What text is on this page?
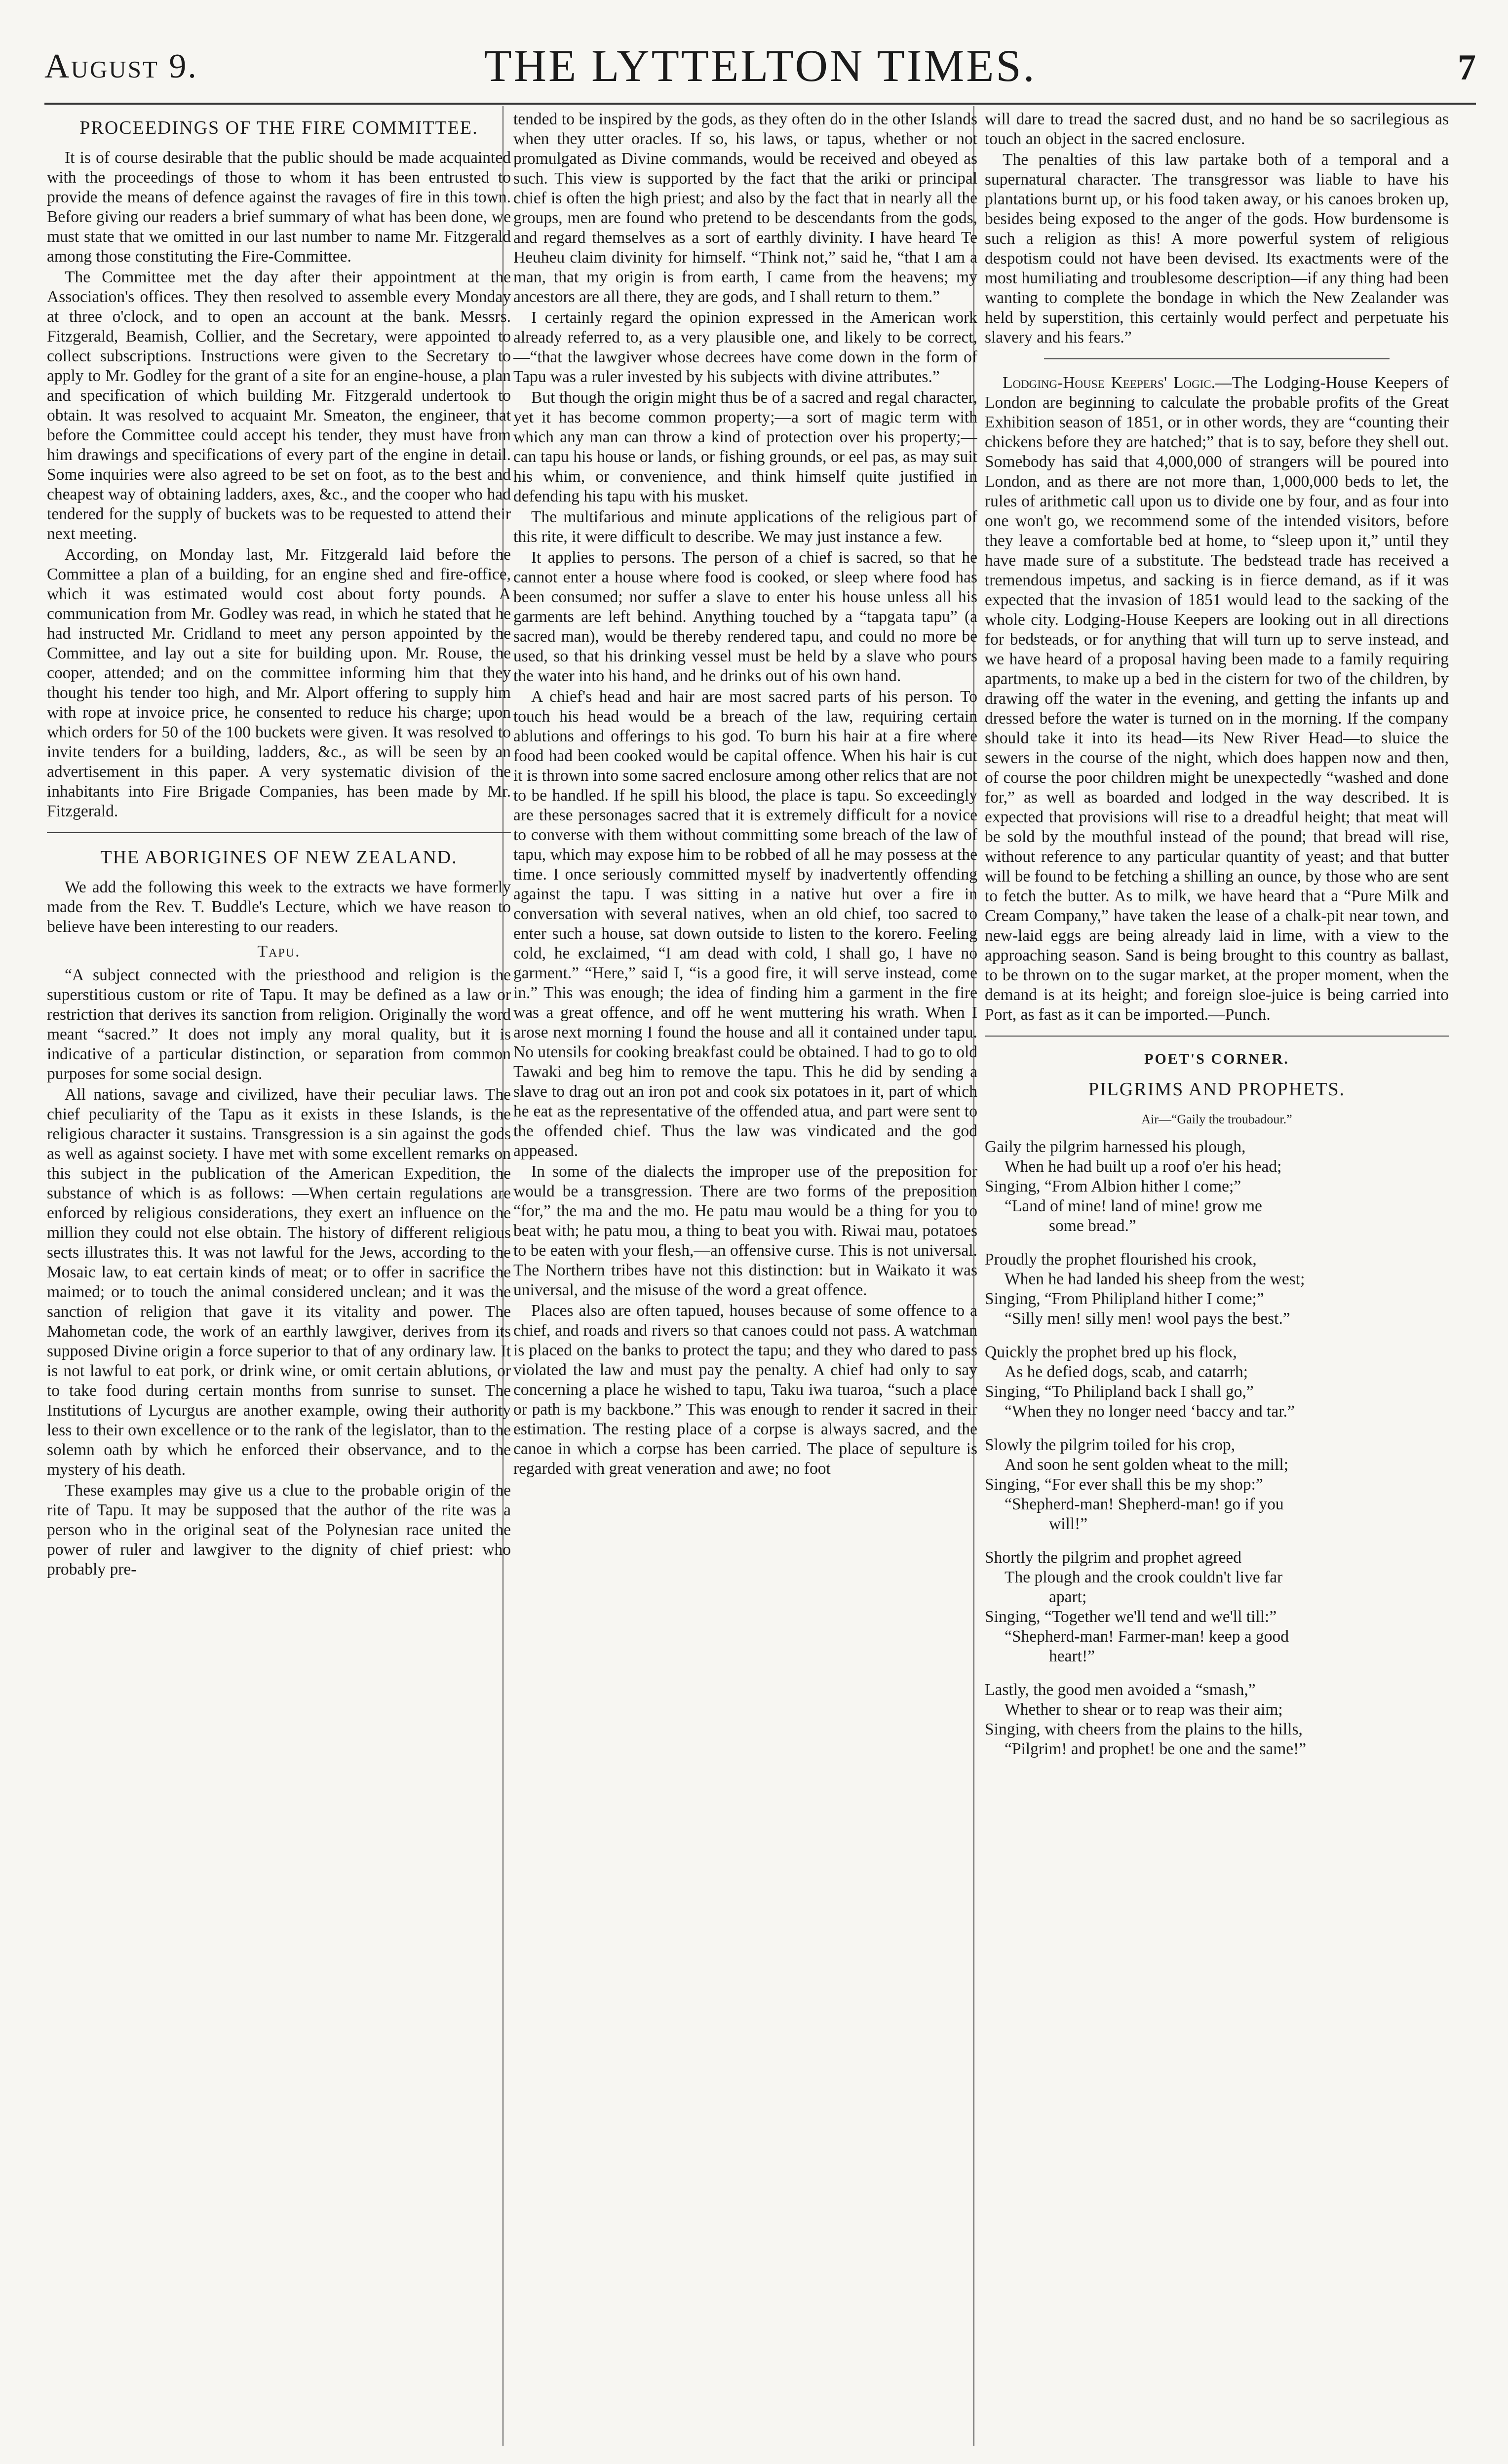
August 9.	THE LYTTELTON TIMES.	7
PROCEEDINGS OF THE FIRE COMMITTEE.

It is of course desirable that the public should be made acquainted with the proceedings of those to whom it has been entrusted to provide the means of defence against the ravages of fire in this town. Before giving our readers a brief summary of what has been done, we must state that we omitted in our last number to name Mr. Fitzgerald among those constituting the Fire-Committee.

The Committee met the day after their appointment at the Association's offices. They then resolved to assemble every Monday at three o'clock, and to open an account at the bank. Messrs. Fitzgerald, Beamish, Collier, and the Secretary, were appointed to collect subscriptions. Instructions were given to the Secretary to apply to Mr. Godley for the grant of a site for an engine-house, a plan and specification of which building Mr. Fitzgerald undertook to obtain. It was resolved to acquaint Mr. Smeaton, the engineer, that before the Committee could accept his tender, they must have from him drawings and specifications of every part of the engine in detail. Some inquiries were also agreed to be set on foot, as to the best and cheapest way of obtaining ladders, axes, &c., and the cooper who had tendered for the supply of buckets was to be requested to attend their next meeting.

According, on Monday last, Mr. Fitzgerald laid before the Committee a plan of a building, for an engine shed and fire-office, which it was estimated would cost about forty pounds. A communication from Mr. Godley was read, in which he stated that he had instructed Mr. Cridland to meet any person appointed by the Committee, and lay out a site for building upon. Mr. Rouse, the cooper, attended; and on the committee informing him that they thought his tender too high, and Mr. Alport offering to supply him with rope at invoice price, he consented to reduce his charge; upon which orders for 50 of the 100 buckets were given. It was resolved to invite tenders for a building, ladders, &c., as will be seen by an advertisement in this paper. A very systematic division of the inhabitants into Fire Brigade Companies, has been made by Mr. Fitzgerald.

THE ABORIGINES OF NEW ZEALAND.

We add the following this week to the extracts we have formerly made from the Rev. T. Buddle's Lecture, which we have reason to believe have been interesting to our readers.

Tapu.

“A subject connected with the priesthood and religion is the superstitious custom or rite of Tapu. It may be defined as a law or restriction that derives its sanction from religion. Originally the word meant “sacred.” It does not imply any moral quality, but it is indicative of a particular distinction, or separation from common purposes for some social design.

All nations, savage and civilized, have their peculiar laws. The chief peculiarity of the Tapu as it exists in these Islands, is the religious character it sustains. Transgression is a sin against the gods as well as against society. I have met with some excellent remarks on this subject in the publication of the American Expedition, the substance of which is as follows: —When certain regulations are enforced by religious considerations, they exert an influence on the million they could not else obtain. The history of different religious sects illustrates this. It was not lawful for the Jews, according to the Mosaic law, to eat certain kinds of meat; or to offer in sacrifice the maimed; or to touch the animal considered unclean; and it was the sanction of religion that gave it its vitality and power. The Mahometan code, the work of an earthly lawgiver, derives from its supposed Divine origin a force superior to that of any ordinary law. It is not lawful to eat pork, or drink wine, or omit certain ablutions, or to take food during certain months from sunrise to sunset. The Institutions of Lycurgus are another example, owing their authority less to their own excellence or to the rank of the legislator, than to the solemn oath by which he enforced their observance, and to the mystery of his death.

These examples may give us a clue to the probable origin of the rite of Tapu. It may be supposed that the author of the rite was a person who in the original seat of the Polynesian race united the power of ruler and lawgiver to the dignity of chief priest: who probably pre-

tended to be inspired by the gods, as they often do in the other Islands when they utter oracles. If so, his laws, or tapus, whether or not promulgated as Divine commands, would be received and obeyed as such. This view is supported by the fact that the ariki or principal chief is often the high priest; and also by the fact that in nearly all the groups, men are found who pretend to be descendants from the gods, and regard themselves as a sort of earthly divinity. I have heard Te Heuheu claim divinity for himself. “Think not,” said he, “that I am a man, that my origin is from earth, I came from the heavens; my ancestors are all there, they are gods, and I shall return to them.”

I certainly regard the opinion expressed in the American work already referred to, as a very plausible one, and likely to be correct,—“that the lawgiver whose decrees have come down in the form of Tapu was a ruler invested by his subjects with divine attributes.”

But though the origin might thus be of a sacred and regal character, yet it has become common property;—a sort of magic term with which any man can throw a kind of protection over his property;—can tapu his house or lands, or fishing grounds, or eel pas, as may suit his whim, or convenience, and think himself quite justified in defending his tapu with his musket.

The multifarious and minute applications of the religious part of this rite, it were difficult to describe. We may just instance a few.

It applies to persons. The person of a chief is sacred, so that he cannot enter a house where food is cooked, or sleep where food has been consumed; nor suffer a slave to enter his house unless all his garments are left behind. Anything touched by a “tapgata tapu” (a sacred man), would be thereby rendered tapu, and could no more be used, so that his drinking vessel must be held by a slave who pours the water into his hand, and he drinks out of his own hand.

A chief's head and hair are most sacred parts of his person. To touch his head would be a breach of the law, requiring certain ablutions and offerings to his god. To burn his hair at a fire where food had been cooked would be capital offence. When his hair is cut it is thrown into some sacred enclosure among other relics that are not to be handled. If he spill his blood, the place is tapu. So exceedingly are these personages sacred that it is extremely difficult for a novice to converse with them without committing some breach of the law of tapu, which may expose him to be robbed of all he may possess at the time. I once seriously committed myself by inadvertently offending against the tapu. I was sitting in a native hut over a fire in conversation with several natives, when an old chief, too sacred to enter such a house, sat down outside to listen to the korero. Feeling cold, he exclaimed, “I am dead with cold, I shall go, I have no garment.” “Here,” said I, “is a good fire, it will serve instead, come in.” This was enough; the idea of finding him a garment in the fire was a great offence, and off he went muttering his wrath. When I arose next morning I found the house and all it contained under tapu. No utensils for cooking breakfast could be obtained. I had to go to old Tawaki and beg him to remove the tapu. This he did by sending a slave to drag out an iron pot and cook six potatoes in it, part of which he eat as the representative of the offended atua, and part were sent to the offended chief. Thus the law was vindicated and the god appeased.

In some of the dialects the improper use of the preposition for would be a transgression. There are two forms of the preposition “for,” the ma and the mo. He patu mau would be a thing for you to beat with; he patu mou, a thing to beat you with. Riwai mau, potatoes to be eaten with your flesh,—an offensive curse. This is not universal. The Northern tribes have not this distinction: but in Waikato it was universal, and the misuse of the word a great offence.

Places also are often tapued, houses because of some offence to a chief, and roads and rivers so that canoes could not pass. A watchman is placed on the banks to protect the tapu; and they who dared to pass violated the law and must pay the penalty. A chief had only to say concerning a place he wished to tapu, Taku iwa tuaroa, “such a place or path is my backbone.” This was enough to render it sacred in their estimation. The resting place of a corpse is always sacred, and the canoe in which a corpse has been carried. The place of sepulture is regarded with great veneration and awe; no foot

will dare to tread the sacred dust, and no hand be so sacrilegious as touch an object in the sacred enclosure.

The penalties of this law partake both of a temporal and a supernatural character. The transgressor was liable to have his plantations burnt up, or his food taken away, or his canoes broken up, besides being exposed to the anger of the gods. How burdensome is such a religion as this! A more powerful system of religious despotism could not have been devised. Its exactments were of the most humiliating and troublesome description—if any thing had been wanting to complete the bondage in which the New Zealander was held by superstition, this certainly would perfect and perpetuate his slavery and his fears.”

Lodging-House Keepers' Logic.—The Lodging-House Keepers of London are beginning to calculate the probable profits of the Great Exhibition season of 1851, or in other words, they are “counting their chickens before they are hatched;” that is to say, before they shell out. Somebody has said that 4,000,000 of strangers will be poured into London, and as there are not more than, 1,000,000 beds to let, the rules of arithmetic call upon us to divide one by four, and as four into one won't go, we recommend some of the intended visitors, before they leave a comfortable bed at home, to “sleep upon it,” until they have made sure of a substitute. The bedstead trade has received a tremendous impetus, and sacking is in fierce demand, as if it was expected that the invasion of 1851 would lead to the sacking of the whole city. Lodging-House Keepers are looking out in all directions for bedsteads, or for anything that will turn up to serve instead, and we have heard of a proposal having been made to a family requiring apartments, to make up a bed in the cistern for two of the children, by drawing off the water in the evening, and getting the infants up and dressed before the water is turned on in the morning. If the company should take it into its head—its New River Head—to sluice the sewers in the course of the night, which does happen now and then, of course the poor children might be unexpectedly “washed and done for,” as well as boarded and lodged in the way described. It is expected that provisions will rise to a dreadful height; that meat will be sold by the mouthful instead of the pound; that bread will rise, without reference to any particular quantity of yeast; and that butter will be found to be fetching a shilling an ounce, by those who are sent to fetch the butter. As to milk, we have heard that a “Pure Milk and Cream Company,” have taken the lease of a chalk-pit near town, and new-laid eggs are being already laid in lime, with a view to the approaching season. Sand is being brought to this country as ballast, to be thrown on to the sugar market, at the proper moment, when the demand is at its height; and foreign sloe-juice is being carried into Port, as fast as it can be imported.—Punch.

POET'S CORNER.
PILGRIMS AND PROPHETS.
Air—“Gaily the troubadour.”
Gaily the pilgrim harnessed his plough,
When he had built up a roof o'er his head;
Singing, “From Albion hither I come;”
“Land of mine! land of mine! grow me
some bread.”
Proudly the prophet flourished his crook,
When he had landed his sheep from the west;
Singing, “From Philipland hither I come;”
“Silly men! silly men! wool pays the best.”
Quickly the prophet bred up his flock,
As he defied dogs, scab, and catarrh;
Singing, “To Philipland back I shall go,”
“When they no longer need ‘baccy and tar.”
Slowly the pilgrim toiled for his crop,
And soon he sent golden wheat to the mill;
Singing, “For ever shall this be my shop:”
“Shepherd-man! Shepherd-man! go if you
will!”
Shortly the pilgrim and prophet agreed
The plough and the crook couldn't live far
apart;
Singing, “Together we'll tend and we'll till:”
“Shepherd-man! Farmer-man! keep a good
heart!”
Lastly, the good men avoided a “smash,”
Whether to shear or to reap was their aim;
Singing, with cheers from the plains to the hills,
“Pilgrim! and prophet! be one and the same!”
